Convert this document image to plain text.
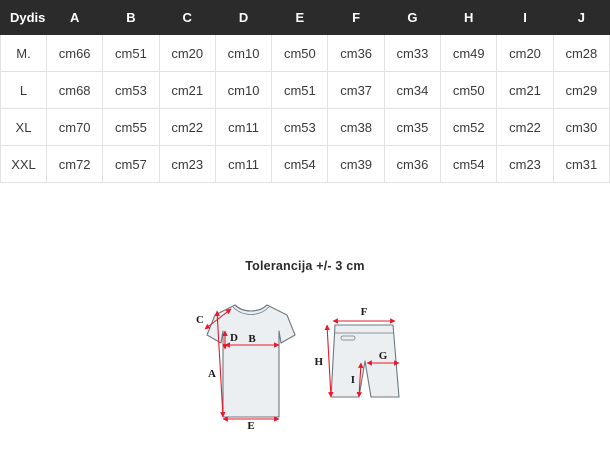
Dydis	A	B	C	D	E	F	G	H	I	J
M.	cm66	cm51	cm20	cm10	cm50	cm36	cm33	cm49	cm20	cm28
L	cm68	cm53	cm21	cm10	cm51	cm37	cm34	cm50	cm21	cm29
XL	cm70	cm55	cm22	cm11	cm53	cm38	cm35	cm52	cm22	cm30
XXL	cm72	cm57	cm23	cm11	cm54	cm39	cm36	cm54	cm23	cm31
Tolerancija +/- 3 cm
C
A
D B
E
F
H	G
I
